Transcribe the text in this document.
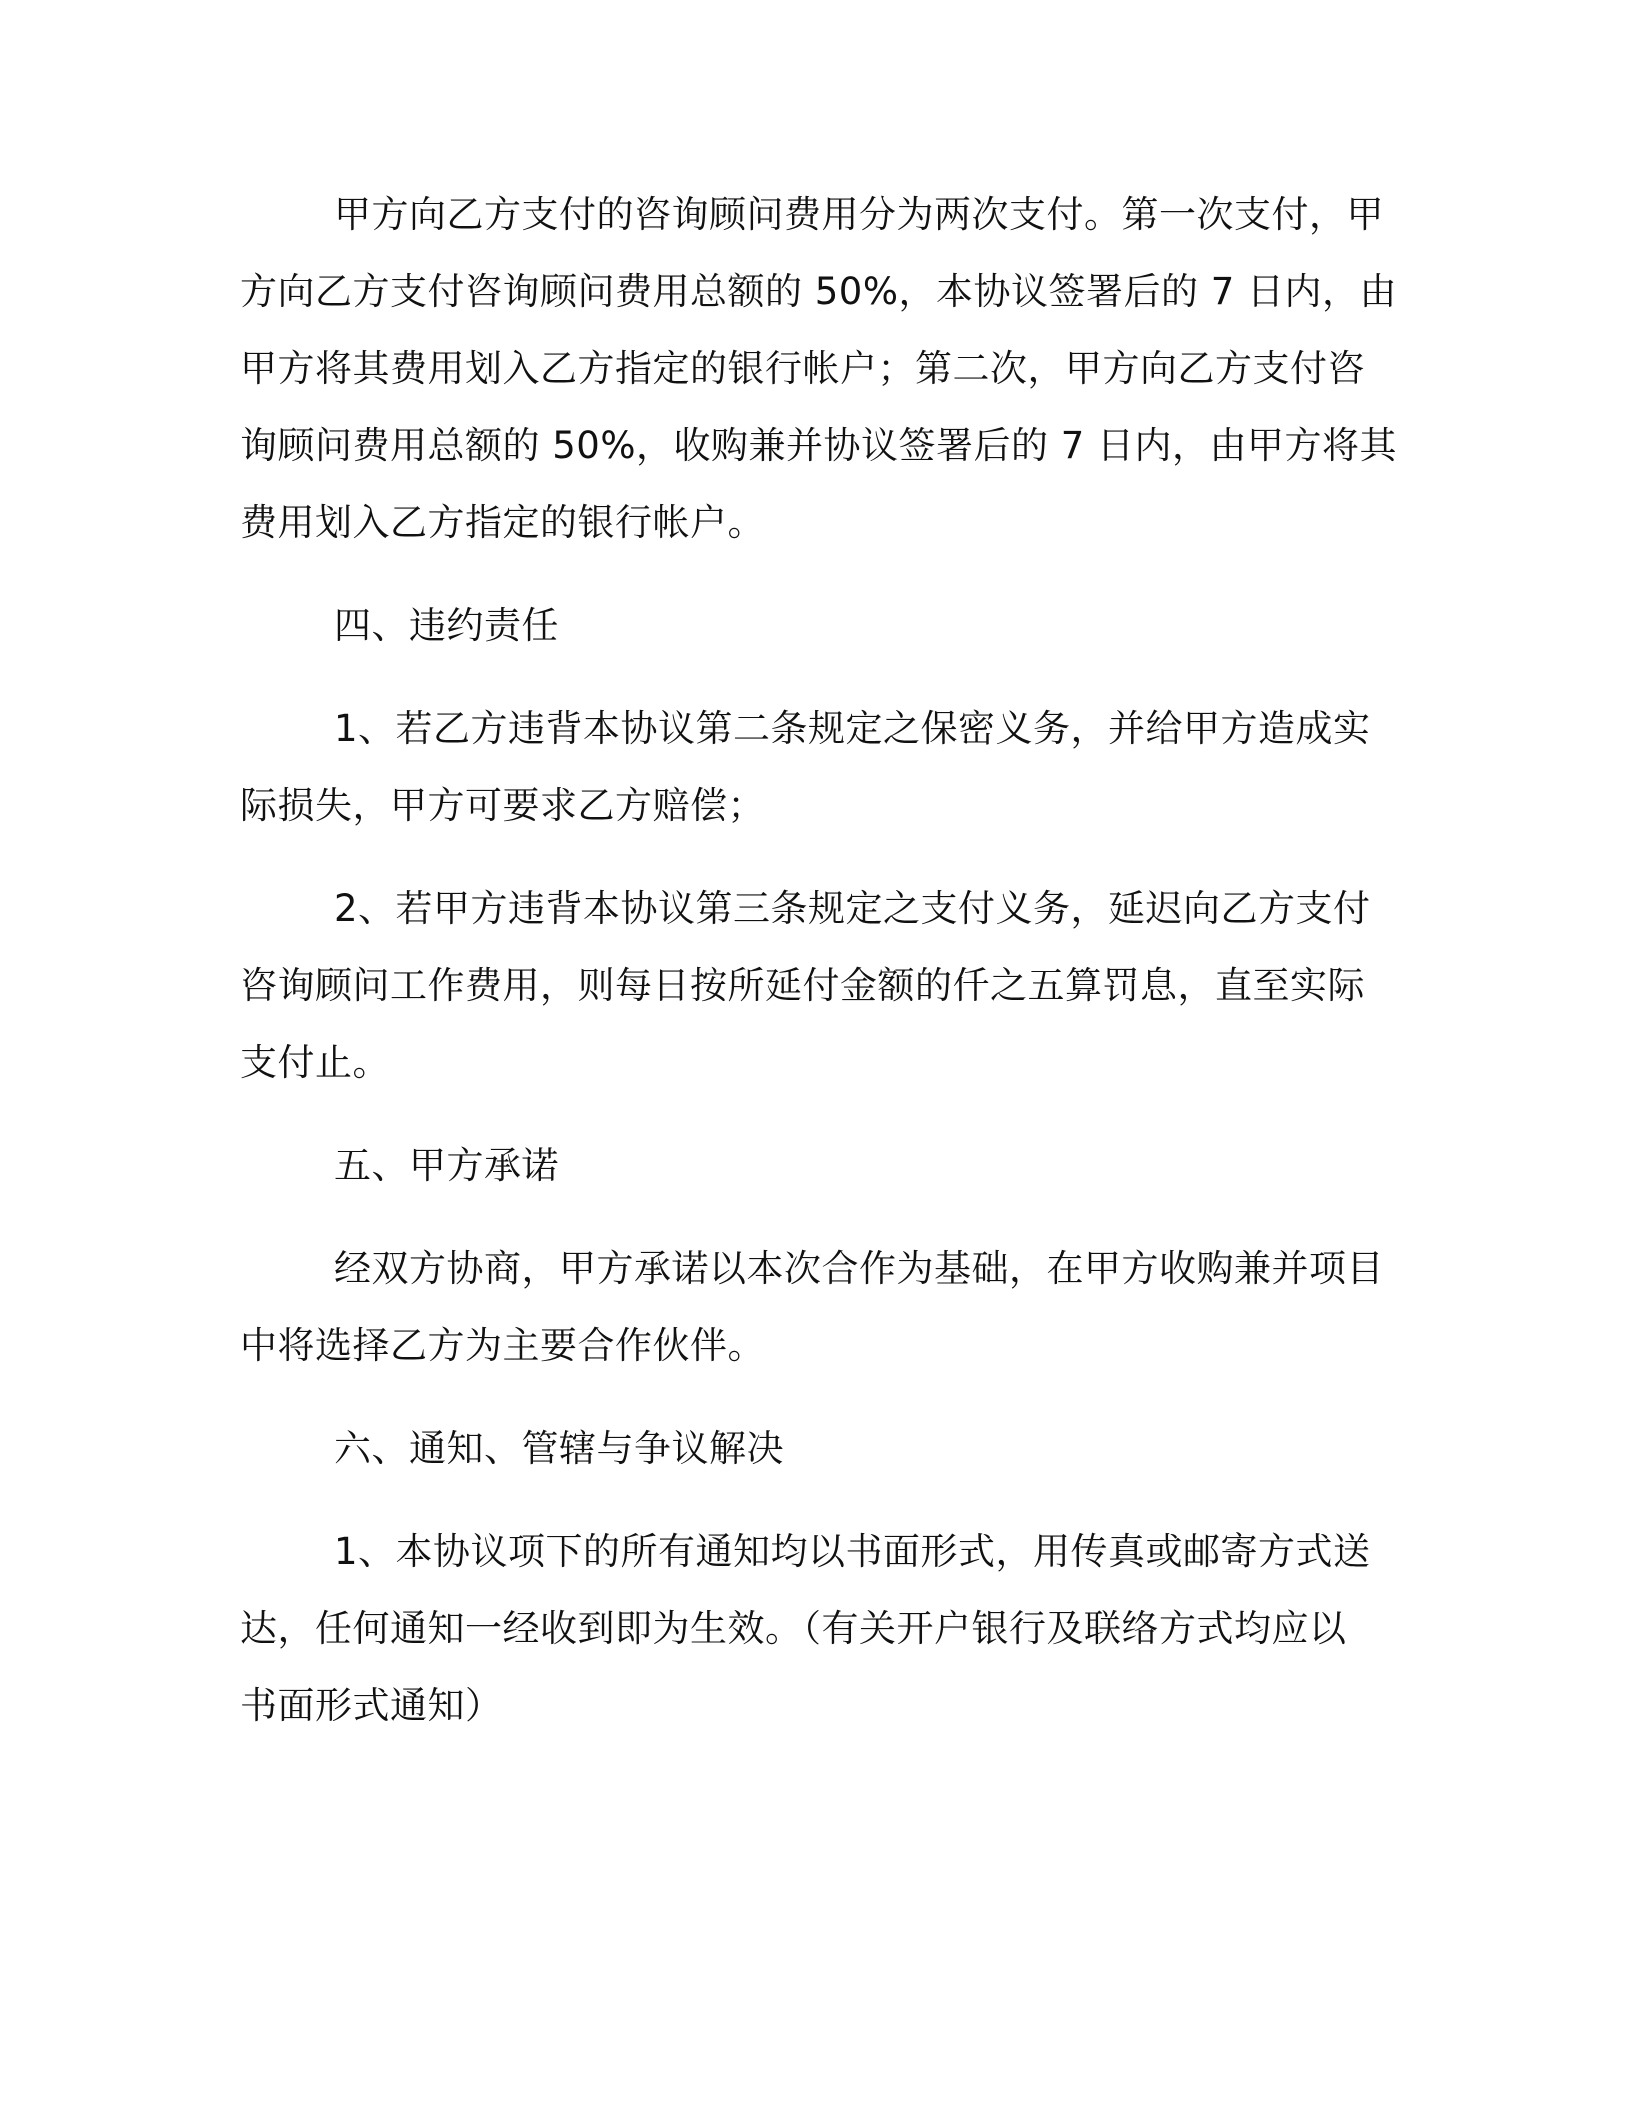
甲方向乙方支付的咨询顾问费用分为两次支付。第一次支付，甲

方向乙方支付咨询顾问费用总额的 50%，本协议签署后的 7 日内，由

甲方将其费用划入乙方指定的银行帐户；第二次，甲方向乙方支付咨

询顾问费用总额的 50%，收购兼并协议签署后的 7 日内，由甲方将其

费用划入乙方指定的银行帐户。

四、违约责任

1、若乙方违背本协议第二条规定之保密义务，并给甲方造成实

际损失，甲方可要求乙方赔偿；

2、若甲方违背本协议第三条规定之支付义务，延迟向乙方支付

咨询顾问工作费用，则每日按所延付金额的仟之五算罚息，直至实际

支付止。

五、甲方承诺

经双方协商，甲方承诺以本次合作为基础，在甲方收购兼并项目

中将选择乙方为主要合作伙伴。

六、通知、管辖与争议解决

1、本协议项下的所有通知均以书面形式，用传真或邮寄方式送

达，任何通知一经收到即为生效。（有关开户银行及联络方式均应以

书面形式通知）
